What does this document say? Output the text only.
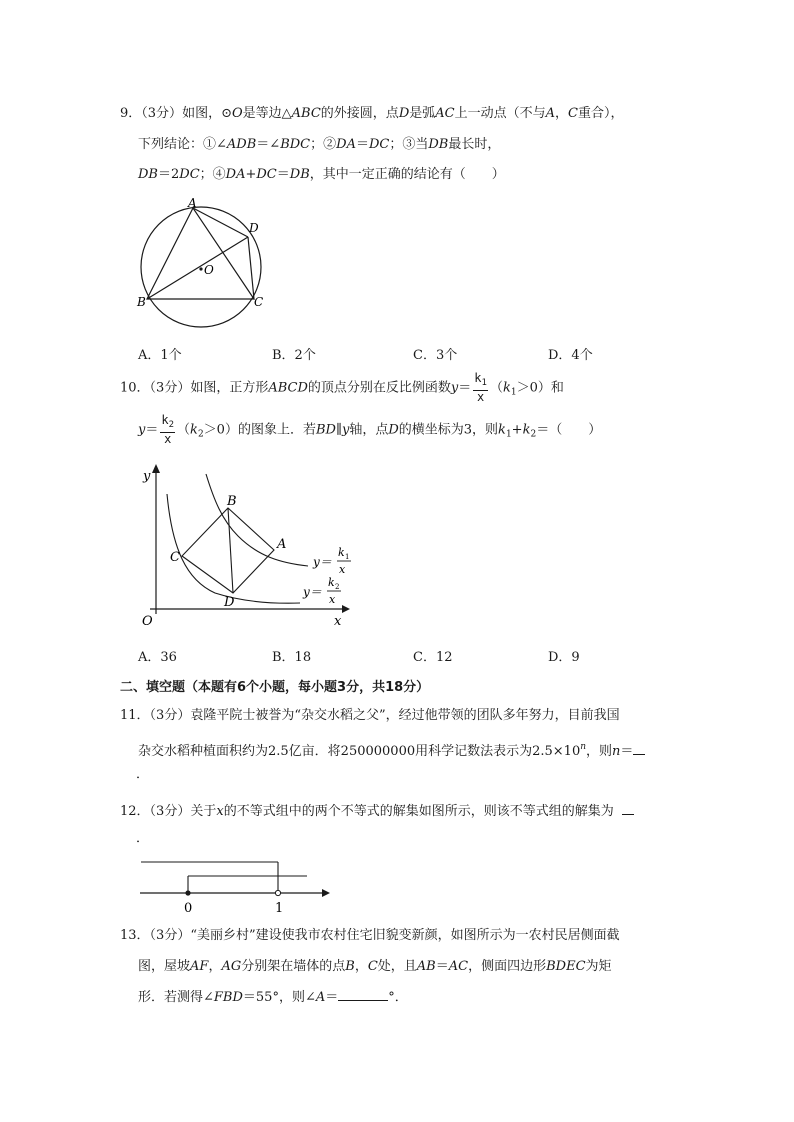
9．（3分）如图，⊙O是等边△ABC的外接圆，点D是弧AC上一动点（不与A，C重合），
下列结论：①∠ADB＝∠BDC；②DA＝DC；③当DB最长时，
DB＝2DC；④DA+DC＝DB，其中一定正确的结论有（　　）
A
B	C
D
O
A．1个	B．2个	C．3个	D．4个
10．（3分）如图，正方形ABCD的顶点分别在反比例函数$y= \frac{k_1}{x} (k_1>0)$和
$y= \frac{k_2}{x} (k_2>0)$的图象上．若BD∥y轴，点D的横坐标为3，则$k_1+k_2=$（　　）
y
x
O
B
A
C
D
y＝
k 1
x
y＝
k 2
x
A．36	B．18	C．12	D．9
二、填空题（本题有6个小题，每小题3分，共18分）
11．（3分）袁隆平院士被誉为“杂交水稻之父”，经过他带领的团队多年努力，目前我国
杂交水稻种植面积约为2.5亿亩．将250000000用科学记数法表示为$2.5\times 10^n$，则n＝
．
12．（3分）关于x的不等式组中的两个不等式的解集如图所示，则该不等式组的解集为
．
0	1
13．（3分）“美丽乡村”建设使我市农村住宅旧貌变新颜，如图所示为一农村民居侧面截
图，屋坡AF，AG分别架在墙体的点B，C处，且AB＝AC，侧面四边形BDEC为矩
形．若测得∠FBD＝55°，则∠A＝	°．
